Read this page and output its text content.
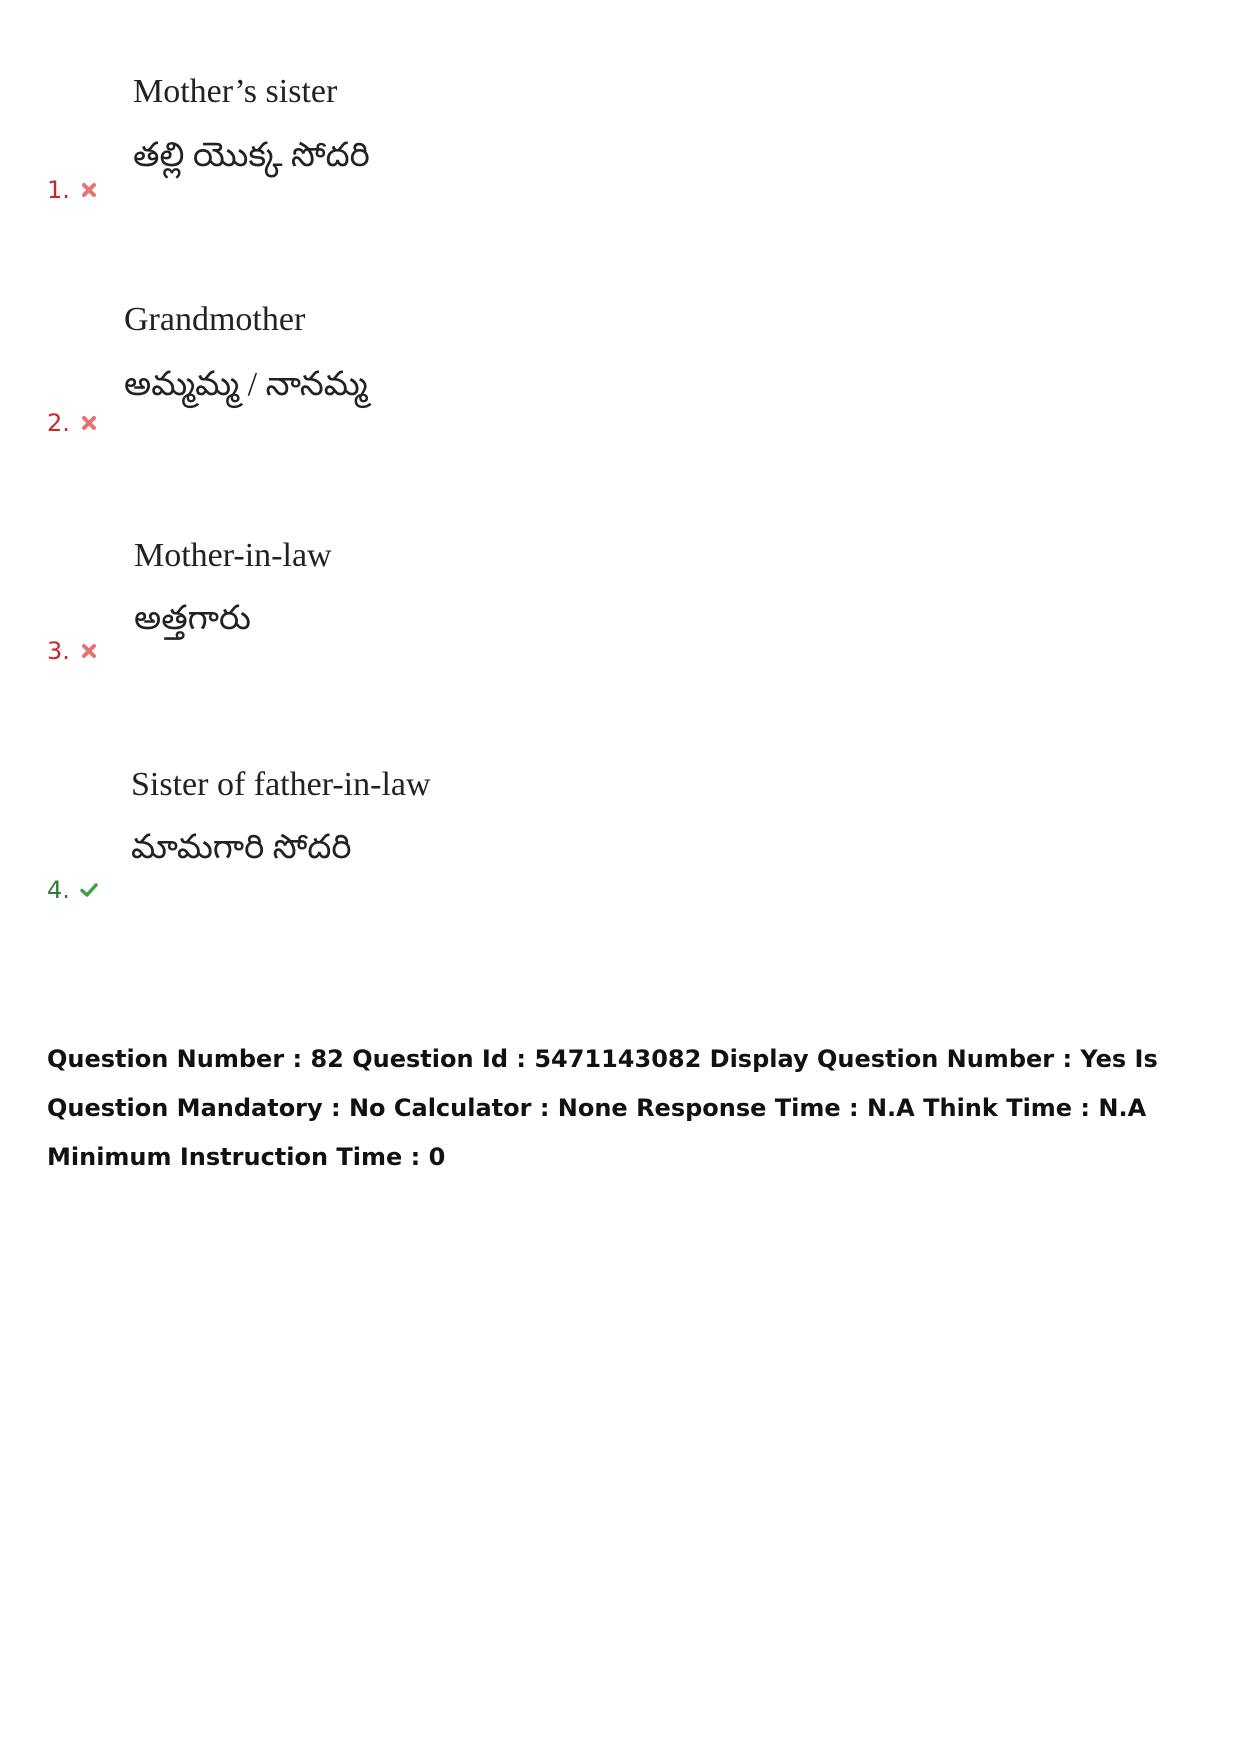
Mother’s sister
తల్లి యొక్క సోదరి
1.
Grandmother
అమ్మమ్మ / నానమ్మ
2.
Mother-in-law
అత్తగారు
3.
Sister of father-in-law
మామగారి సోదరి
4.
Question Number : 82 Question Id : 5471143082 Display Question Number : Yes Is Question Mandatory : No Calculator : None Response Time : N.A Think Time : N.A Minimum Instruction Time : 0
